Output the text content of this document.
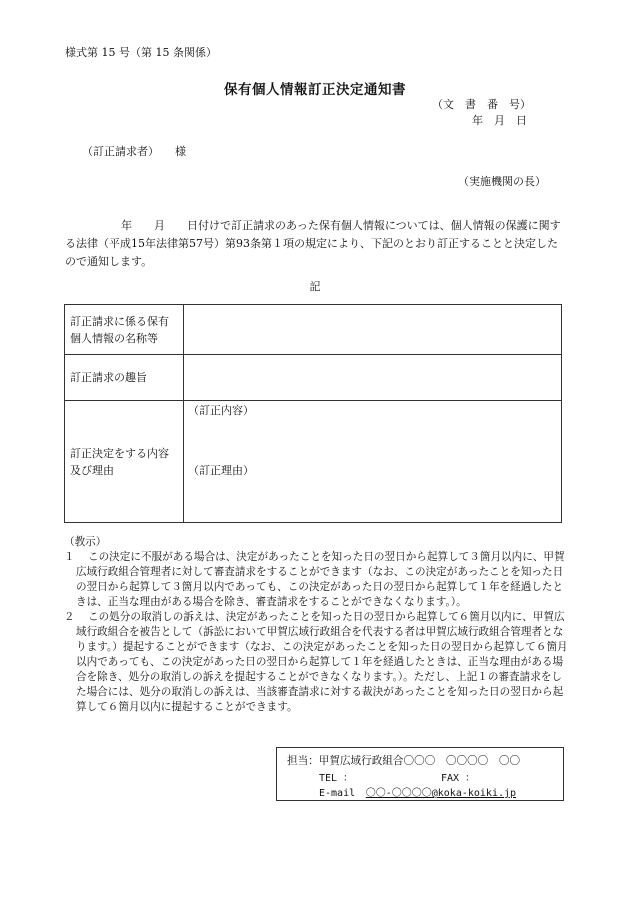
様式第 15 号（第 15 条関係）
保有個人情報訂正決定通知書
（文　書　番　号）
年　月　日
（訂正請求者） 様
（実施機関の長）
年　　月　　日付けで訂正請求のあった保有個人情報については、個人情報の保護に関する法律（平成15年法律第57号）第93条第１項の規定により、下記のとおり訂正することと決定したので通知します。
記
訂正請求に係る保有個人情報の名称等	
訂正請求の趣旨	
訂正決定をする内容及び理由	（訂正内容）
（訂正理由）
（教示）
１	この決定に不服がある場合は、決定があったことを知った日の翌日から起算して３箇月以内に、甲賀広域行政組合管理者に対して審査請求をすることができます（なお、この決定があったことを知った日の翌日から起算して３箇月以内であっても、この決定があった日の翌日から起算して１年を経過したときは、正当な理由がある場合を除き、審査請求をすることができなくなります。）。
２	この処分の取消しの訴えは、決定があったことを知った日の翌日から起算して６箇月以内に、甲賀広域行政組合を被告として（訴訟において甲賀広域行政組合を代表する者は甲賀広域行政組合管理者となります。）提起することができます（なお、この決定があったことを知った日の翌日から起算して６箇月以内であっても、この決定があった日の翌日から起算して１年を経過したときは、正当な理由がある場合を除き、処分の取消しの訴えを提起することができなくなります。）。ただし、上記１の審査請求をした場合には、処分の取消しの訴えは、当該審査請求に対する裁決があったことを知った日の翌日から起算して６箇月以内に提起することができます。
担当：甲賀広域行政組合〇〇〇　〇〇〇〇　〇〇
TEL ：	FAX ：
E-mail　 〇〇-〇〇〇〇@koka-koiki.jp
